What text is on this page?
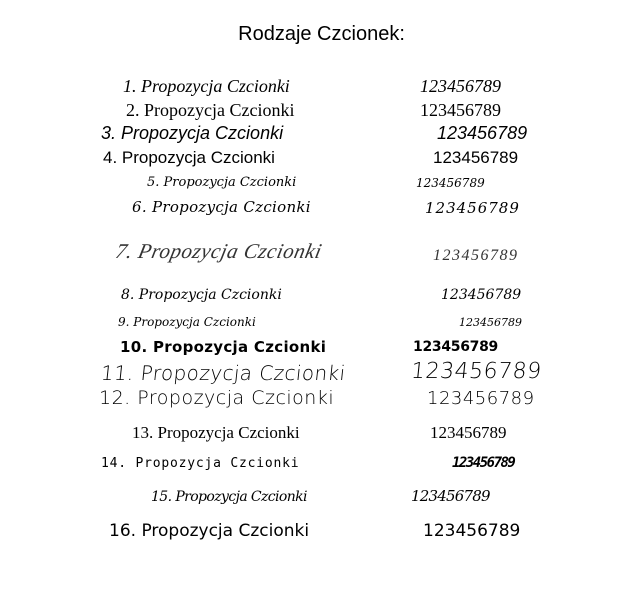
Rodzaje Czcionek:
1. Propozycja Czcionki	123456789
2. Propozycja Czcionki	123456789
3. Propozycja Czcionki	123456789
4. Propozycja Czcionki	123456789
5. Propozycja Czcionki	123456789
6. Propozycja Czcionki	123456789
7. Propozycja Czcionki	123456789
8. Propozycja Czcionki	123456789
9. Propozycja Czcionki	123456789
10. Propozycja Czcionki	123456789
11. Propozycja Czcionki	123456789
12. Propozycja Czcionki	123456789
13. Propozycja Czcionki	123456789
14. Propozycja Czcionki	123456789
15. Propozycja Czcionki	123456789
16. Propozycja Czcionki	123456789
